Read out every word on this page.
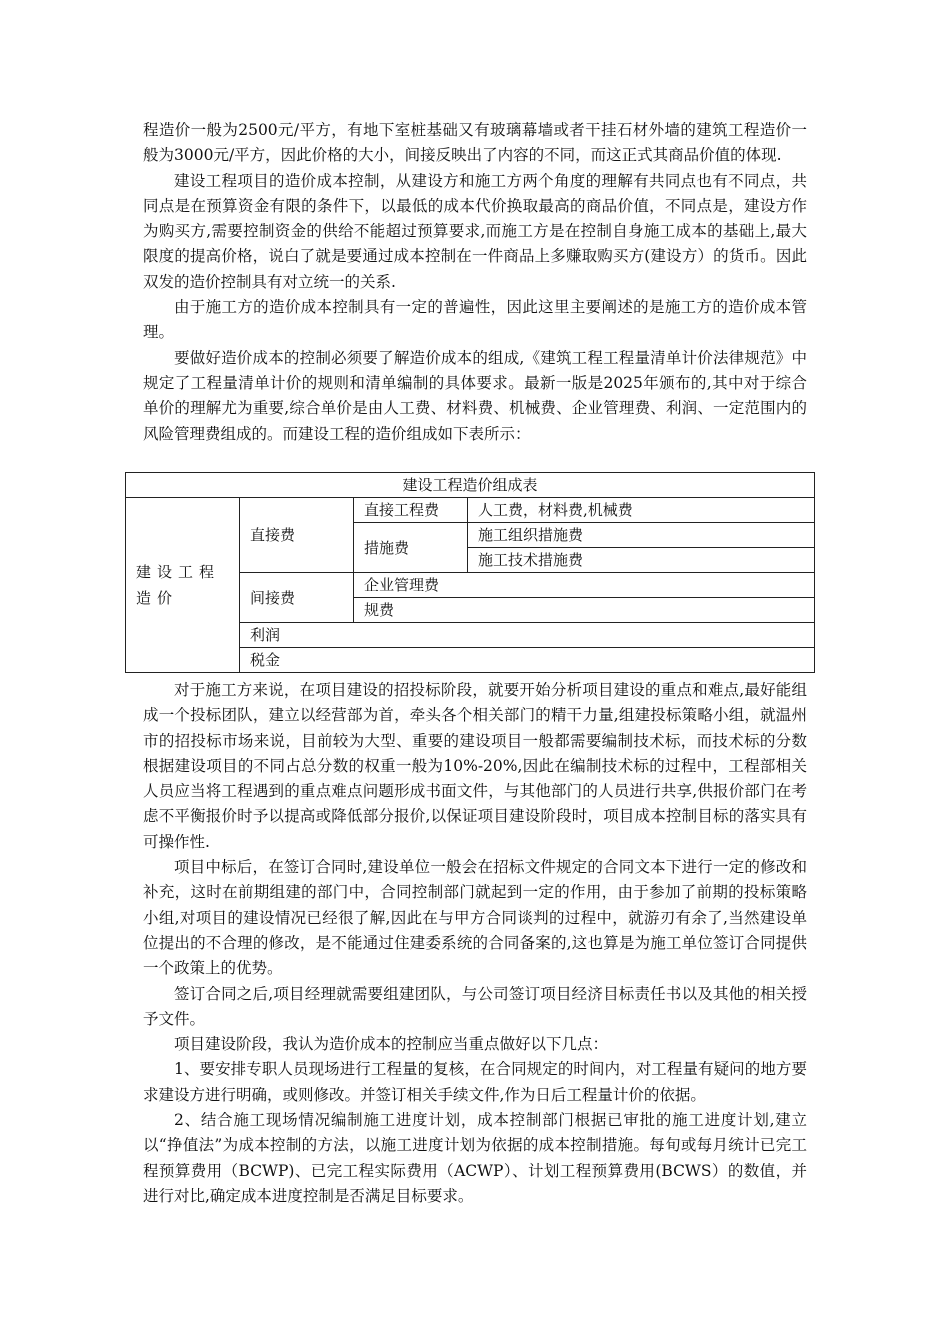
程造价一般为2500元/平方，有地下室桩基础又有玻璃幕墙或者干挂石材外墙的建筑工程造价一般为3000元/平方，因此价格的大小，间接反映出了内容的不同，而这正式其商品价值的体现.

建设工程项目的造价成本控制，从建设方和施工方两个角度的理解有共同点也有不同点，共同点是在预算资金有限的条件下，以最低的成本代价换取最高的商品价值，不同点是，建设方作为购买方,需要控制资金的供给不能超过预算要求,而施工方是在控制自身施工成本的基础上,最大限度的提高价格，说白了就是要通过成本控制在一件商品上多赚取购买方(建设方）的货币。因此双发的造价控制具有对立统一的关系.

由于施工方的造价成本控制具有一定的普遍性，因此这里主要阐述的是施工方的造价成本管理。

要做好造价成本的控制必须要了解造价成本的组成,《建筑工程工程量清单计价法律规范》中规定了工程量清单计价的规则和清单编制的具体要求。最新一版是2025年颁布的,其中对于综合单价的理解尤为重要,综合单价是由人工费、材料费、机械费、企业管理费、利润、一定范围内的风险管理费组成的。而建设工程的造价组成如下表所示：

建设工程造价组成表			
建设工程造价	直接费	直接工程费	人工费，材料费,机械费
		措施费	施工组织措施费
			施工技术措施费
	间接费	企业管理费	
		规费	
	利润		
	税金		

对于施工方来说，在项目建设的招投标阶段，就要开始分析项目建设的重点和难点,最好能组成一个投标团队，建立以经营部为首，牵头各个相关部门的精干力量,组建投标策略小组，就温州市的招投标市场来说，目前较为大型、重要的建设项目一般都需要编制技术标，而技术标的分数根据建设项目的不同占总分数的权重一般为10%-20%,因此在编制技术标的过程中，工程部相关人员应当将工程遇到的重点难点问题形成书面文件，与其他部门的人员进行共享,供报价部门在考虑不平衡报价时予以提高或降低部分报价,以保证项目建设阶段时，项目成本控制目标的落实具有可操作性.

项目中标后，在签订合同时,建设单位一般会在招标文件规定的合同文本下进行一定的修改和补充，这时在前期组建的部门中，合同控制部门就起到一定的作用，由于参加了前期的投标策略小组,对项目的建设情况已经很了解,因此在与甲方合同谈判的过程中，就游刃有余了,当然建设单位提出的不合理的修改，是不能通过住建委系统的合同备案的,这也算是为施工单位签订合同提供一个政策上的优势。

签订合同之后,项目经理就需要组建团队，与公司签订项目经济目标责任书以及其他的相关授予文件。

项目建设阶段，我认为造价成本的控制应当重点做好以下几点：

1、要安排专职人员现场进行工程量的复核，在合同规定的时间内，对工程量有疑问的地方要求建设方进行明确，或则修改。并签订相关手续文件,作为日后工程量计价的依据。

2、结合施工现场情况编制施工进度计划，成本控制部门根据已审批的施工进度计划,建立以“挣值法”为成本控制的方法，以施工进度计划为依据的成本控制措施。每旬或每月统计已完工程预算费用（BCWP)、已完工程实际费用（ACWP）、计划工程预算费用(BCWS）的数值，并进行对比,确定成本进度控制是否满足目标要求。
